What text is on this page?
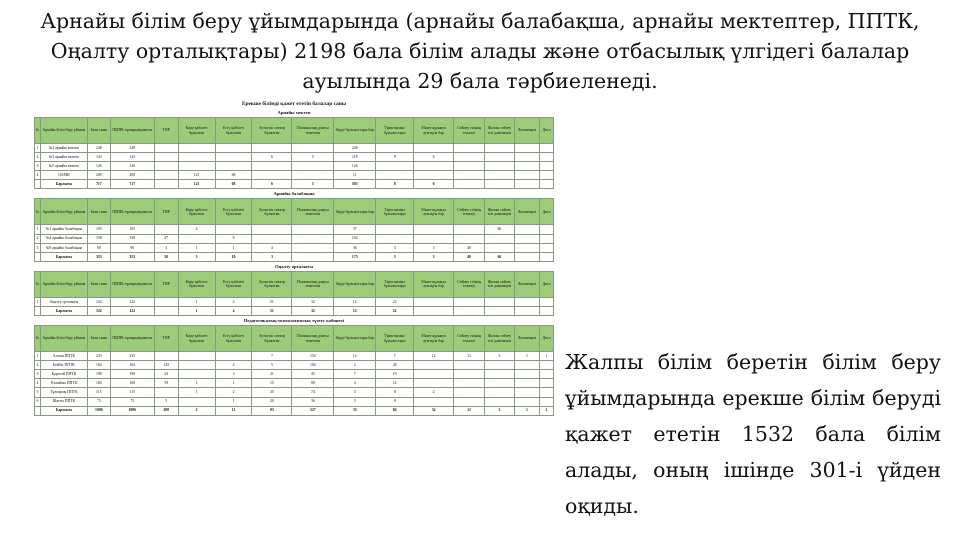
Арнайы білім беру ұйымдарында (арнайы балабақша, арнайы мектептер, ППТК, Оңалту орталықтары) 2198 бала білім алады және отбасылық үлгідегі балалар ауылында 29 бала тәрбиеленеді.
Ерекше білімді қажет ететін балалар саны
Арнайы мектеп
№	Арнайы білім беру ұйымы	Бала саны	ПМПК тұжырымдамасы	ТНР	Көру қабілеті бұзылған	Есту қабілеті бұзылған	Аутистік спектр бұзылған	Психикалық дамуы тежелген	Зерде бұзылыстары бар	Тірек-қимыл бұзылыстары	Мінез-құлықта ауытқуы бар	Сөйлеу тілінің тежелуі	Жалпы сөйлеу тілі дамымауы	Логоневроз	Дисл
1	№2 арнайы мектеп	248	248						248						
2	№3 арнайы мектеп	143	143				6	5	118	8	6				
3	№5 арнайы мектеп	126	126						126						
4	ОАМИ	200	200		121	68			11						
	Барлығы	717	717		121	68	6	5	503	8	6				
Арнайы балабақша
№	Арнайы білім беру ұйымы	Бала саны	ПМПК тұжырымдамасы	ТНР	Көру қабілеті бұзылған	Есту қабілеті бұзылған	Аутистік спектр бұзылған	Психикалық дамуы тежелген	Зерде бұзылыстары бар	Тірек-қимыл бұзылыстары	Мінез-құлықта ауытқуы бар	Сөйлеу тілінің тежелуі	Жалпы сөйлеу тілі дамымауы	Логоневроз	Дисл
1	№1 арнайы балабақша	105	105		2				37				66		
2	№4 арнайы балабақша	158	158	47		9			102						
3	№8 арнайы балабақша	90	90	3	1	1	3		36	3	3	40			
	Барлығы	353	353	50	3	10	3		175	3	3	40	66		
Оңалту орталығы
№	Арнайы білім беру ұйымы	Бала саны	ПМПК тұжырымдамасы	ТНР	Көру қабілеті бұзылған	Есту қабілеті бұзылған	Аутистік спектр бұзылған	Психикалық дамуы тежелген	Зерде бұзылыстары бар	Тірек-қимыл бұзылыстары	Мінез-құлықта ауытқуы бар	Сөйлеу тілінің тежелуі	Жалпы сөйлеу тілі дамымауы	Логоневроз	Дисл
1	Оңалту орталығы	122	122		1	4	51	32	12	22					
	Барлығы	122	122		1	4	51	32	12	22					
Педагогикалық-психологиялық түзету кабинеті
№	Арнайы білім беру ұйымы	Бала саны	ПМПК тұжырымдамасы	ТНР	Көру қабілеті бұзылған	Есту қабілеті бұзылған	Аутистік спектр бұзылған	Психикалық дамуы тежелген	Зерде бұзылыстары бар	Тірек-қимыл бұзылыстары	Мінез-құлықта ауытқуы бар	Сөйлеу тілінің тежелуі	Жалпы сөйлеу тілі дамымауы	Логоневроз	Дисл
1	Алтын ППТК	233	233				7	154	12	7	12	12	3	1	1
2	Бейбіт ППТК	164	164	143		4	5	102	2	28					
3	Қарасай ППТК	198	198	34		3	21	45	7	19					
4	Ұлжайлы ППТК	160	160	39	1	1	15	88	4	14					
5	Тұлпарлы ППТК	115	115		1	2	25	74	3	8	2				
6	Шатты ППТК	75	75	5		1	20	36	5	8					
	Барлығы	1006	1006	208	2	11	93	527	33	84	34	12	3	1	1
Жалпы білім беретін білім беру ұйымдарында ерекше білім беруді қажет ететін 1532 бала білім алады, оның ішінде 301-і үйден оқиды.
